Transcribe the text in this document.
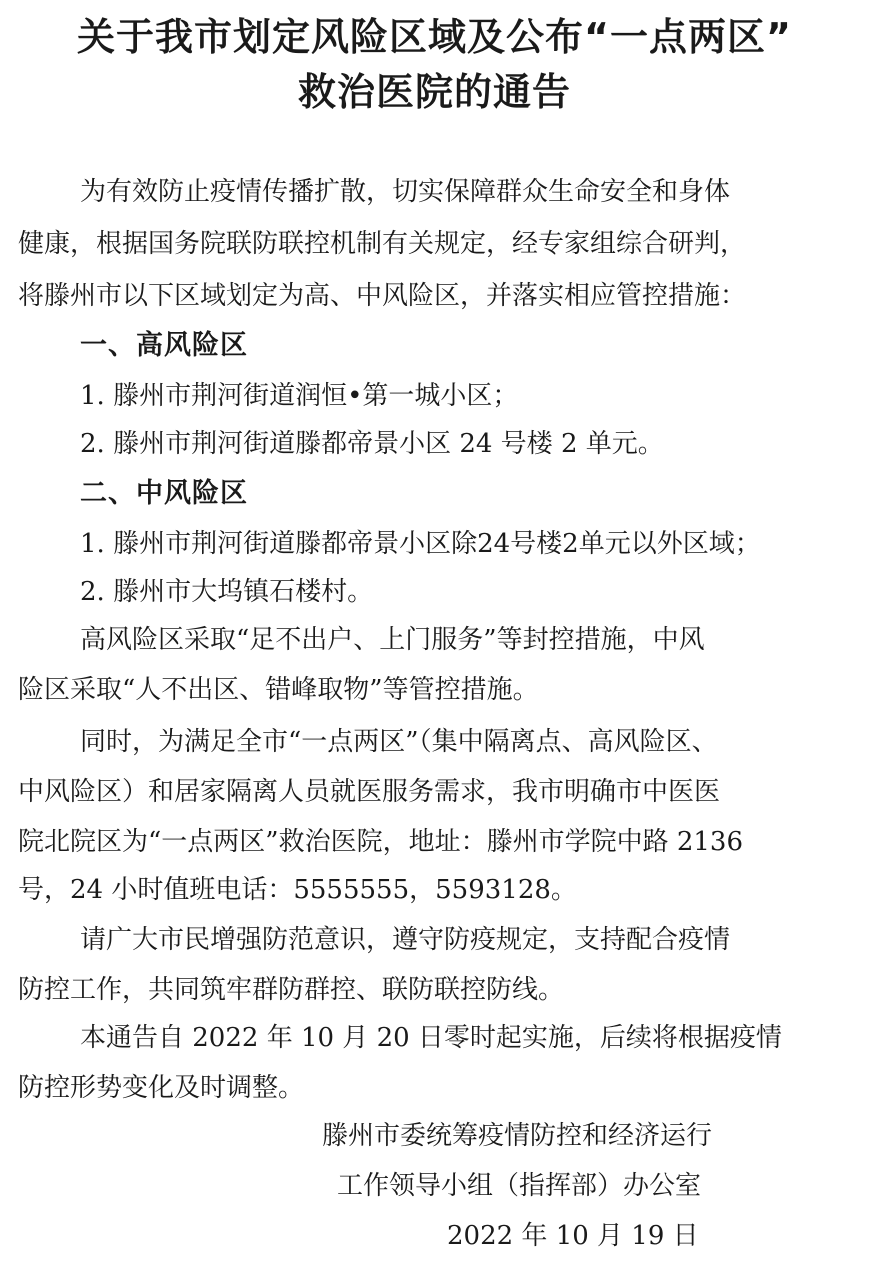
关于我市划定风险区域及公布“一点两区”
救治医院的通告
为有效防止疫情传播扩散，切实保障群众生命安全和身体
健康，根据国务院联防联控机制有关规定，经专家组综合研判，
将滕州市以下区域划定为高、中风险区，并落实相应管控措施：
一、高风险区
1. 滕州市荆河街道润恒•第一城小区；
2. 滕州市荆河街道滕都帝景小区 24 号楼 2 单元。
二、中风险区
1. 滕州市荆河街道滕都帝景小区除24号楼2单元以外区域；
2. 滕州市大坞镇石楼村。
高风险区采取“足不出户、上门服务”等封控措施，中风
险区采取“人不出区、错峰取物”等管控措施。
同时，为满足全市“一点两区”（集中隔离点、高风险区、
中风险区）和居家隔离人员就医服务需求，我市明确市中医医
院北院区为“一点两区”救治医院，地址：滕州市学院中路 2136
号，24 小时值班电话：5555555，5593128。
请广大市民增强防范意识，遵守防疫规定，支持配合疫情
防控工作，共同筑牢群防群控、联防联控防线。
本通告自 2022 年 10 月 20 日零时起实施，后续将根据疫情
防控形势变化及时调整。
滕州市委统筹疫情防控和经济运行
工作领导小组（指挥部）办公室
2022 年 10 月 19 日
